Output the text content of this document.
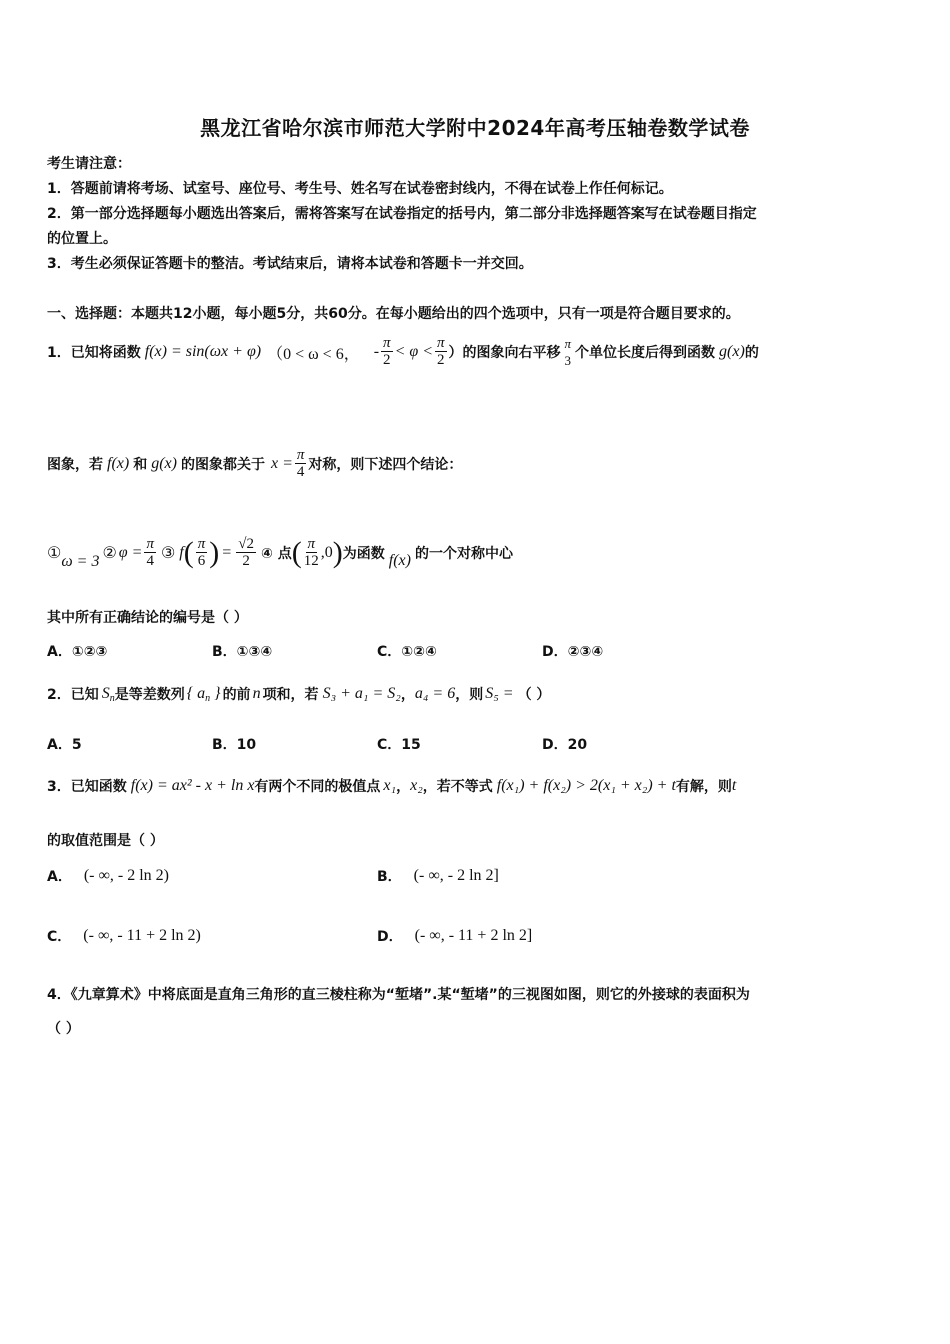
黑龙江省哈尔滨市师范大学附中2024年高考压轴卷数学试卷
考生请注意：
1．答题前请将考场、试室号、座位号、考生号、姓名写在试卷密封线内，不得在试卷上作任何标记。
2．第一部分选择题每小题选出答案后，需将答案写在试卷指定的括号内，第二部分非选择题答案写在试卷题目指定
的位置上。
3．考生必须保证答题卡的整洁。考试结束后，请将本试卷和答题卡一并交回。
一、选择题：本题共12小题，每小题5分，共60分。在每小题给出的四个选项中，只有一项是符合题目要求的。
1．已知将函数 f(x) = sin(ωx + φ) （0 < ω < 6， - $\frac{\pi}{2} < \varphi < \frac{\pi}{2}$ ）的图象向右平移
π
3 个单位长度后得到函数 g(x) 的
图象，若 f(x) 和 g(x) 的图象都关于 $x = \frac{\pi}{4}$ 对称，则下述四个结论：
① ω = 3 ② $\varphi = \frac{\pi}{4}$ ③ f ( $\frac{\pi}{6}$ ) = $\frac{√2}{2}$ ④ 点 ( $\frac{\pi}{12} ,0$ ) 为函数 f(x) 的一个对称中心
其中所有正确结论的编号是（ ）
A．①②③	B．①③④	C．①②④	D．②③④
2．已知 $S_n$ 是等差数列 { $a_n$ } 的前 n 项和，若 S₃ + a₁ = S₂ ， a₄ = 6 ，则 S₅ = （ ）
A．5	B．10	C．15	D．20
3．已知函数 f(x) = ax² - x + ln x 有两个不同的极值点 x₁ ， x₂ ，若不等式 f(x₁) + f(x₂) > 2(x₁ + x₂) + t 有解，则 t
的取值范围是（ ）
A． (- ∞, - 2 ln 2)	B． (- ∞, - 2 ln 2]
C． (- ∞, - 11 + 2 ln 2)	D． (- ∞, - 11 + 2 ln 2]
4．《九章算术》中将底面是直角三角形的直三棱柱称为“堑堵”.某“堑堵”的三视图如图，则它的外接球的表面积为
（ ）
